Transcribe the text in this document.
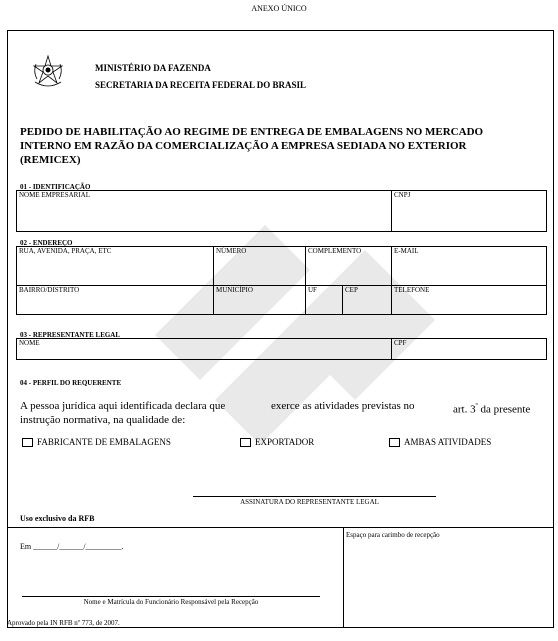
ANEXO ÚNICO
MINISTÉRIO DA FAZENDA
SECRETARIA DA RECEITA FEDERAL DO BRASIL
PEDIDO DE HABILITAÇÃO AO REGIME DE ENTREGA DE EMBALAGENS NO MERCADO
INTERNO EM RAZÃO DA COMERCIALIZAÇÃO A EMPRESA SEDIADA NO EXTERIOR
(REMICEX)
01 - IDENTIFICAÇÃO
NOME EMPRESARIAL	CNPJ
02 - ENDEREÇO
RUA, AVENIDA, PRAÇA, ETC	NÚMERO	COMPLEMENTO	E-MAIL
BAIRRO/DISTRITO	MUNICÍPIO	UF	CEP	TELEFONE
03 - REPRESENTANTE LEGAL
NOME	CPF
04 - PERFIL DO REQUERENTE
A pessoa jurídica aqui identificada declara que	exerce as atividades previstas no	art. $3^º$ da presente
instrução normativa, na qualidade de:
FABRICANTE DE EMBALAGENS	EXPORTADOR	AMBAS ATIVIDADES
ASSINATURA DO REPRESENTANTE LEGAL
Uso exclusivo da RFB
Em ______/______/_________.
Nome e Matrícula do Funcionário Responsável pela Recepção
Espaço para carimbo de recepção
Aprovado pela IN RFB nº 773, de 2007.
